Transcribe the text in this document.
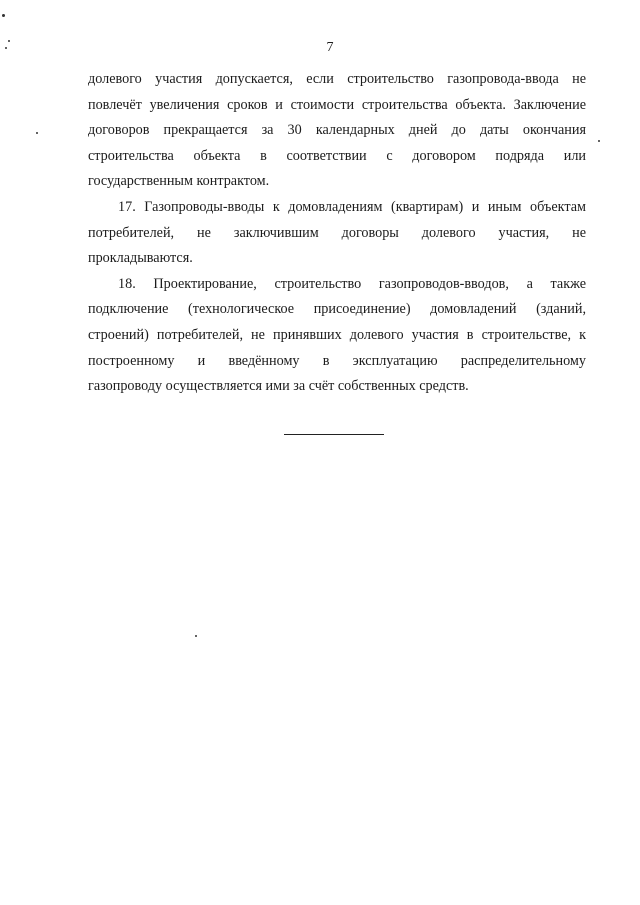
7
долевого участия допускается, если строительство газопровода-ввода не
повлечёт увеличения сроков и стоимости строительства объекта. Заключение
договоров прекращается за 30 календарных дней до даты окончания
строительства объекта в соответствии с договором подряда или
государственным контрактом.
17. Газопроводы-вводы к домовладениям (квартирам) и иным объектам
потребителей, не заключившим договоры долевого участия, не
прокладываются.
18. Проектирование, строительство газопроводов-вводов, а также
подключение (технологическое присоединение) домовладений (зданий,
строений) потребителей, не принявших долевого участия в строительстве, к
построенному и введённому в эксплуатацию распределительному
газопроводу осуществляется ими за счёт собственных средств.
